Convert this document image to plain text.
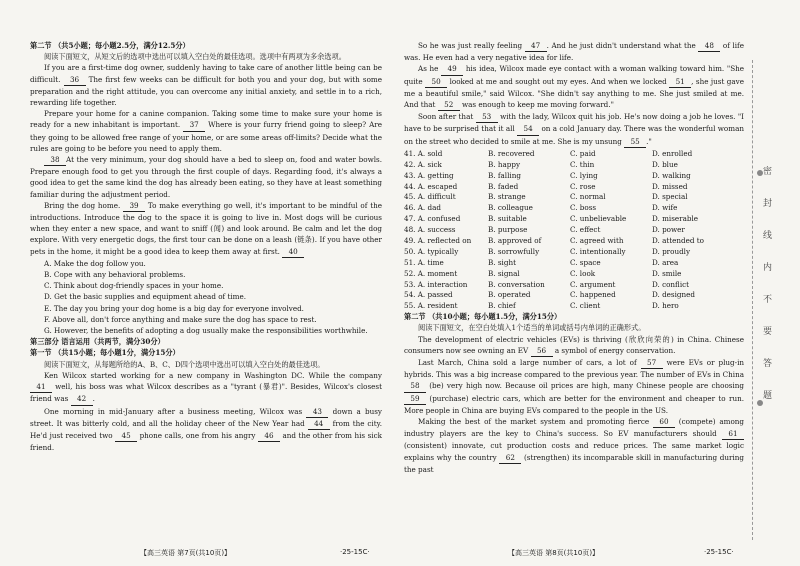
第二节 （共5小题；每小题2.5分，满分12.5分）
阅读下面短文，从短文后的选项中选出可以填入空白处的最佳选项。选项中有两项为多余选项。
If you are a first-time dog owner, suddenly having to take care of another little being can be difficult. 36 The first few weeks can be difficult for both you and your dog, but with some preparation and the right attitude, you can overcome any initial anxiety, and settle in to a rich, rewarding life together.
Prepare your home for a canine companion. Taking some time to make sure your home is ready for a new inhabitant is important. 37 Where is your furry friend going to sleep? Are they going to be allowed free range of your home, or are some areas off-limits? Decide what the rules are going to be before you need to apply them.
38 At the very minimum, your dog should have a bed to sleep on, food and water bowls. Prepare enough food to get you through the first couple of days. Regarding food, it's always a good idea to get the same kind the dog has already been eating, so they have at least something familiar during the adjustment period.
Bring the dog home. 39 To make everything go well, it's important to be mindful of the introductions. Introduce the dog to the space it is going to live in. Most dogs will be curious when they enter a new space, and want to sniff (闻) and look around. Be calm and let the dog explore. With very energetic dogs, the first tour can be done on a leash (链条). If you have other pets in the home, it might be a good idea to keep them away at first. 40
A. Make the dog follow you.
B. Cope with any behavioral problems.
C. Think about dog-friendly spaces in your home.
D. Get the basic supplies and equipment ahead of time.
E. The day you bring your dog home is a big day for everyone involved.
F. Above all, don't force anything and make sure the dog has space to rest.
G. However, the benefits of adopting a dog usually make the responsibilities worthwhile.
第三部分 语言运用（共两节，满分30分）
第一节 （共15小题；每小题1分，满分15分）
阅读下面短文，从每题所给的A、B、C、D四个选项中选出可以填入空白处的最佳选项。
Ken Wilcox started working for a new company in Washington DC. While the company 41 well, his boss was what Wilcox describes as a "tyrant (暴君)". Besides, Wilcox's closest friend was 42 .
One morning in mid-January after a business meeting, Wilcox was 43 down a busy street. It was bitterly cold, and all the holiday cheer of the New Year had 44 from the city. He'd just received two 45 phone calls, one from his angry 46 and the other from his sick friend.
【高三英语 第7页(共10页)】	·25-15C·
So he was just really feeling 47 . And he just didn't understand what the 48 of life was. He even had a very negative idea for life.
As he 49 his idea, Wilcox made eye contact with a woman walking toward him. "She quite 50 looked at me and sought out my eyes. And when we locked 51 , she just gave me a beautiful smile," said Wilcox. "She didn't say anything to me. She just smiled at me. And that 52 was enough to keep me moving forward."
Soon after that 53 with the lady, Wilcox quit his job. He's now doing a job he loves. "I have to be surprised that it all 54 on a cold January day. There was the wonderful woman on the street who decided to smile at me. She is my unsung 55 ."
41. A. sold	B. recovered	C. paid	D. enrolled
42. A. sick	B. happy	C. thin	D. blue
43. A. getting	B. falling	C. lying	D. walking
44. A. escaped	B. faded	C. rose	D. missed
45. A. difficult	B. strange	C. normal	D. special
46. A. dad	B. colleague	C. boss	D. wife
47. A. confused	B. suitable	C. unbelievable	D. miserable
48. A. success	B. purpose	C. effect	D. power
49. A. reflected on	B. approved of	C. agreed with	D. attended to
50. A. typically	B. sorrowfully	C. intentionally	D. proudly
51. A. time	B. sight	C. space	D. area
52. A. moment	B. signal	C. look	D. smile
53. A. interaction	B. conversation	C. argument	D. conflict
54. A. passed	B. operated	C. happened	D. designed
55. A. resident	B. chief	C. client	D. hero
第二节 （共10小题；每小题1.5分，满分15分）
阅读下面短文，在空白处填入1个适当的单词或括号内单词的正确形式。
The development of electric vehicles (EVs) is thriving (欣欣向荣的) in China. Chinese consumers now see owning an EV 56 a symbol of energy conservation.
Last March, China sold a large number of cars, a lot of 57 were EVs or plug-in hybrids. This was a big increase compared to the previous year. The number of EVs in China 58 (be) very high now. Because oil prices are high, many Chinese people are choosing 59 (purchase) electric cars, which are better for the environment and cheaper to run. More people in China are buying EVs compared to the people in the US.
Making the best of the market system and promoting fierce 60 (compete) among industry players are the key to China's success. So EV manufacturers should 61 (consistent) innovate, cut production costs and reduce prices. The same market logic explains why the country 62 (strengthen) its incomparable skill in manufacturing during the past
【高三英语 第8页(共10页)】	·25-15C·
密
封
线
内
不
要
答
题
